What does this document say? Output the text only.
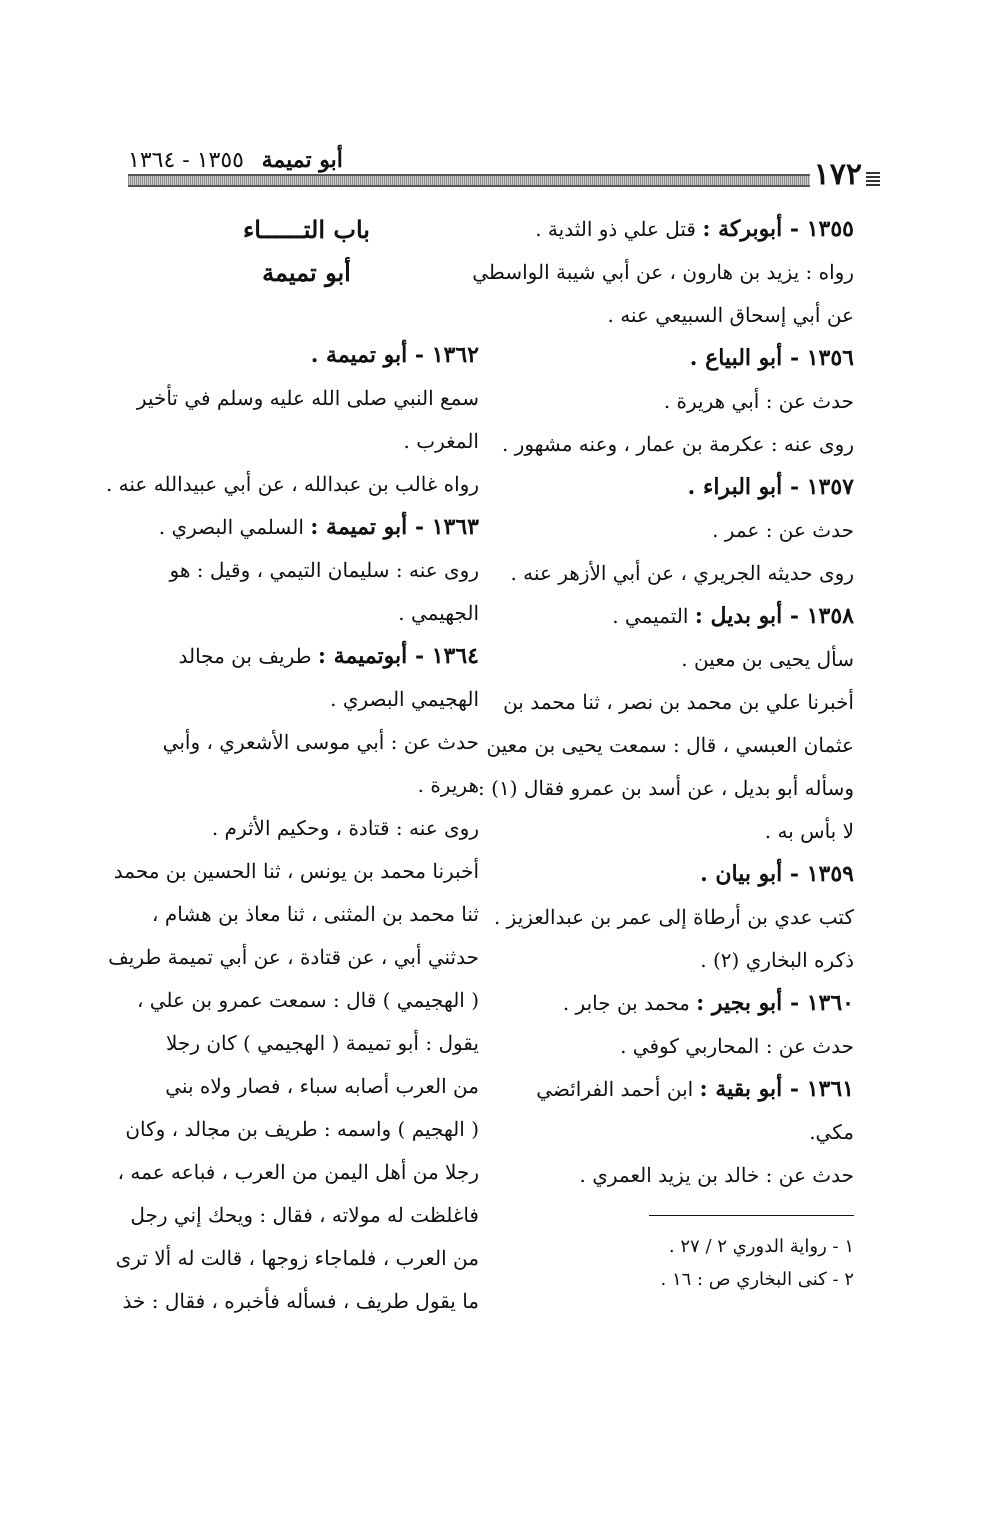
أبو تميمة ١٣٥٥ - ١٣٦٤	١٧٢
١٣٥٥ - أبوبركة : قتل علي ذو الثدية .
رواه : يزيد بن هارون ، عن أبي شيبة الواسطي
عن أبي إسحاق السبيعي عنه .
١٣٥٦ - أبو البياع .
حدث عن : أبي هريرة .
روى عنه : عكرمة بن عمار ، وعنه مشهور .
١٣٥٧ - أبو البراء .
حدث عن : عمر .
روى حديثه الجريري ، عن أبي الأزهر عنه .
١٣٥٨ - أبو بديل : التميمي .
سأل يحيى بن معين .
أخبرنا علي بن محمد بن نصر ، ثنا محمد بن
عثمان العبسي ، قال : سمعت يحيى بن معين
وسأله أبو بديل ، عن أسد بن عمرو فقال (١) :
لا بأس به .
١٣٥٩ - أبو بيان .
كتب عدي بن أرطاة إلى عمر بن عبدالعزيز .
ذكره البخاري (٢) .
١٣٦٠ - أبو بجير : محمد بن جابر .
حدث عن : المحاربي كوفي .
١٣٦١ - أبو بقية : ابن أحمد الفرائضي
مكي.
حدث عن : خالد بن يزيد العمري .
١ - رواية الدوري ٢ / ٢٧ .
٢ - كنى البخاري ص : ١٦ .
باب التــــــاء
أبو تميمة
١٣٦٢ - أبو تميمة .
سمع النبي صلى الله عليه وسلم في تأخير
المغرب .
رواه غالب بن عبدالله ، عن أبي عبيدالله عنه .
١٣٦٣ - أبو تميمة : السلمي البصري .
روى عنه : سليمان التيمي ، وقيل : هو
الجهيمي .
١٣٦٤ - أبوتميمة : طريف بن مجالد
الهجيمي البصري .
حدث عن : أبي موسى الأشعري ، وأبي
هريرة .
روى عنه : قتادة ، وحكيم الأثرم .
أخبرنا محمد بن يونس ، ثنا الحسين بن محمد
ثنا محمد بن المثنى ، ثنا معاذ بن هشام ،
حدثني أبي ، عن قتادة ، عن أبي تميمة طريف
( الهجيمي ) قال : سمعت عمرو بن علي ،
يقول : أبو تميمة ( الهجيمي ) كان رجلا
من العرب أصابه سباء ، فصار ولاه بني
( الهجيم ) واسمه : طريف بن مجالد ، وكان
رجلا من أهل اليمن من العرب ، فباعه عمه ،
فاغلظت له مولاته ، فقال : ويحك إني رجل
من العرب ، فلماجاء زوجها ، قالت له ألا ترى
ما يقول طريف ، فسأله فأخبره ، فقال : خذ
